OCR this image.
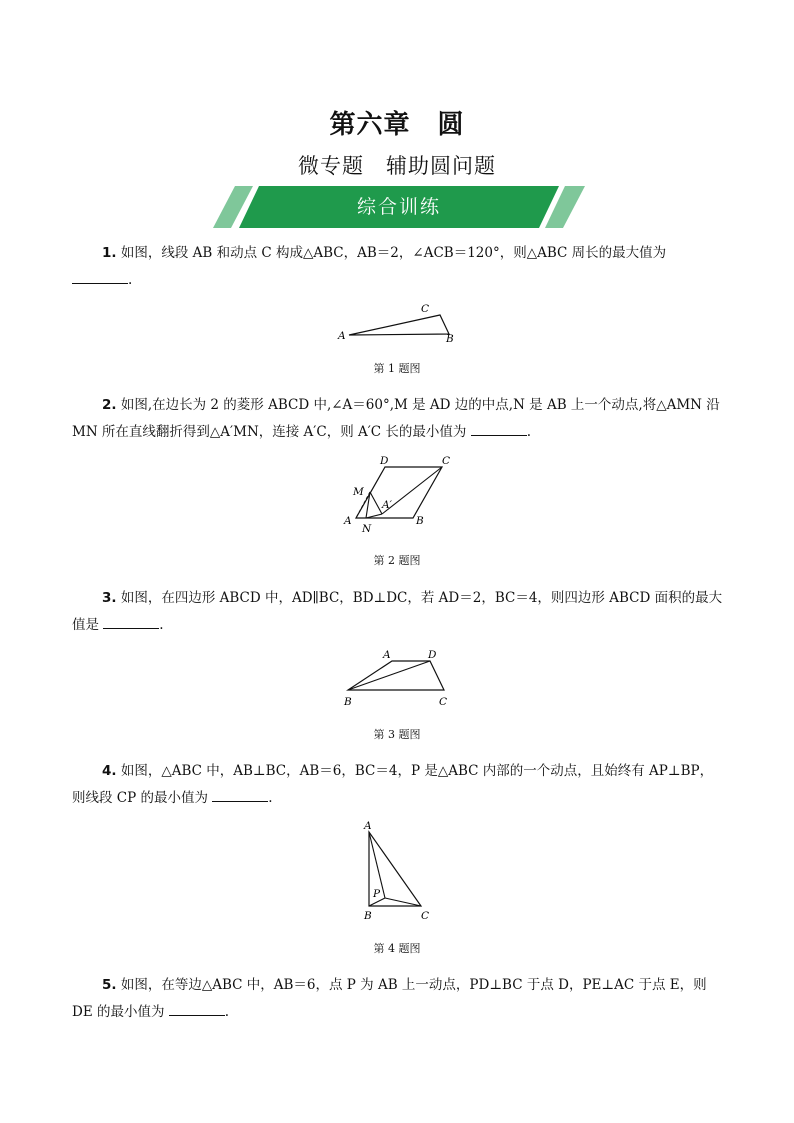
第六章　圆
微专题　辅助圆问题
综合训练
1. 如图，线段 AB 和动点 C 构成△ABC，AB＝2，∠ACB＝120°，则△ABC 周长的最大值为 .
A	B
C
第 1 题图
2. 如图,在边长为 2 的菱形 ABCD 中,∠A＝60°,M 是 AD 边的中点,N 是 AB 上一个动点,将△AMN 沿 MN 所在直线翻折得到△A′MN，连接 A′C，则 A′C 长的最小值为	.
D	C
M
A′
A
N
B
第 2 题图
3. 如图，在四边形 ABCD 中，AD∥BC，BD⊥DC，若 AD＝2，BC＝4，则四边形 ABCD 面积的最大值是	.
A	D
B	C
第 3 题图
4. 如图，△ABC 中，AB⊥BC，AB＝6，BC＝4，P 是△ABC 内部的一个动点，且始终有 AP⊥BP，则线段 CP 的最小值为	.
A
P
B	C
第 4 题图
5. 如图，在等边△ABC 中，AB＝6，点 P 为 AB 上一动点，PD⊥BC 于点 D，PE⊥AC 于点 E，则 DE 的最小值为	.
